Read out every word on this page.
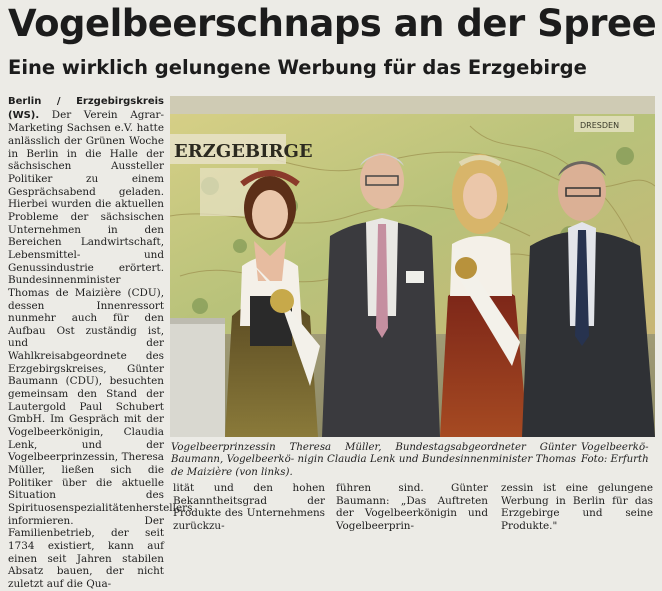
Vogelbeerschnaps an der Spree
Eine wirklich gelungene Werbung für das Erzgebirge
Berlin / Erzgebirgskreis (WS). Der Verein Agrar-Marketing Sachsen e.V. hatte anlässlich der Grünen Woche in Berlin in die Halle der sächsischen Aussteller Politiker zu einem Gesprächsabend geladen. Hierbei wurden die aktuellen Probleme der sächsischen Unternehmen in den Bereichen Landwirtschaft, Lebensmittel- und Genussindustrie erörtert. Bundesinnenminister Thomas de Maizière (CDU), dessen Innenressort nunmehr auch für den Aufbau Ost zuständig ist, und der Wahlkreisabgeordnete des Erzgebirgskreises, Günter Baumann (CDU), besuchten gemeinsam den Stand der Lautergold Paul Schubert GmbH. Im Gespräch mit der Vogelbeerkönigin, Claudia Lenk, und der Vogelbeerprinzessin, Theresa Müller, ließen sich die Politiker über die aktuelle Situation des Spirituosenspezialitätenherstellers informieren. Der Familienbetrieb, der seit 1734 existiert, kann auf einen seit Jahren stabilen Absatz bauen, der nicht zuletzt auf die Qua-
ERZGEBIRGE
DRESDEN
Vogelbeerprinzessin Theresa Müller, Bundestagsabgeordneter Günter Baumann, Vogelbeerkö- nigin Claudia Lenk und Bundesinnenminister Thomas de Maizière (von links).
Vogelbeerkö-
Foto: Erfurth
lität und den hohen Bekanntheitsgrad der Produkte des Unternehmens zurückzu-
führen sind. Günter Baumann: „Das Auftreten der Vogelbeerkönigin und Vogelbeerprin-
zessin ist eine gelungene Werbung in Berlin für das Erzgebirge und seine Produkte."
